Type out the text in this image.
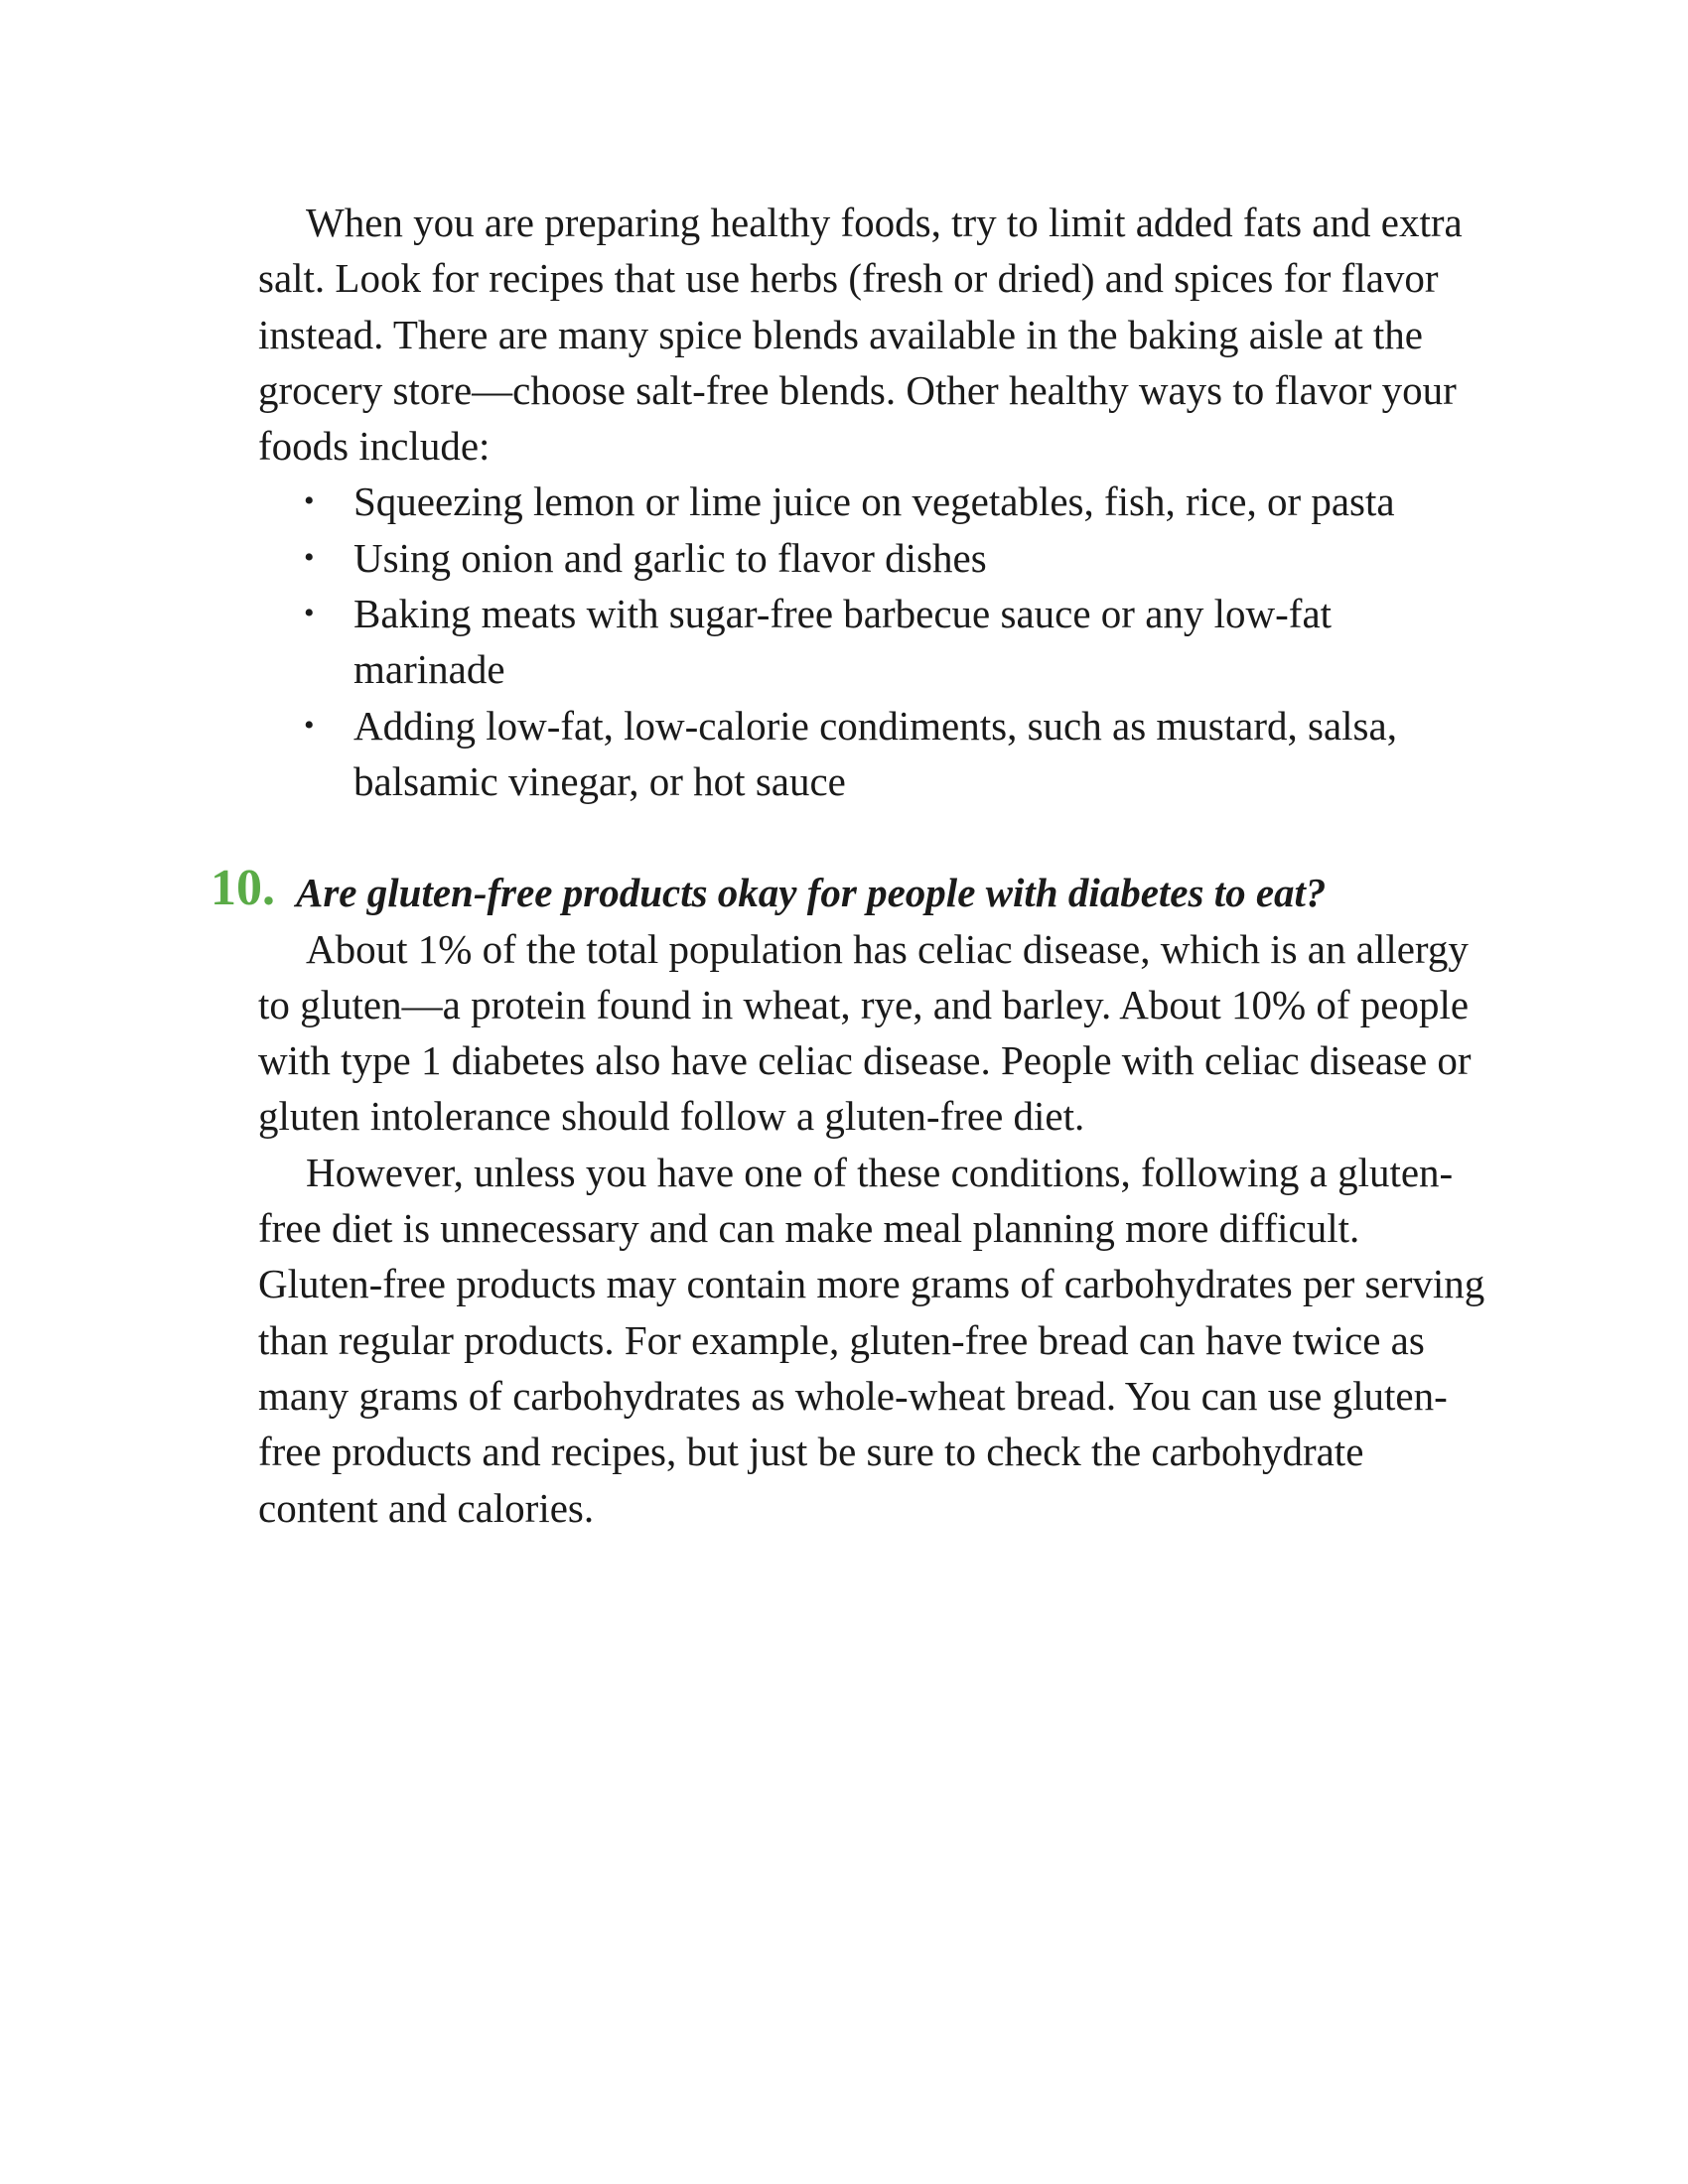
When you are preparing healthy foods, try to limit added fats and extra salt. Look for recipes that use herbs (fresh or dried) and spices for flavor instead. There are many spice blends available in the baking aisle at the grocery store—choose salt-free blends. Other healthy ways to flavor your foods include:

• Squeezing lemon or lime juice on vegetables, fish, rice, or pasta
• Using onion and garlic to flavor dishes
• Baking meats with sugar-free barbecue sauce or any low-fat marinade
• Adding low-fat, low-calorie condiments, such as mustard, salsa, balsamic vinegar, or hot sauce
10. Are gluten-free products okay for people with diabetes to eat?

About 1% of the total population has celiac disease, which is an allergy to gluten—a protein found in wheat, rye, and barley. About 10% of people with type 1 diabetes also have celiac disease. People with celiac disease or gluten intolerance should follow a gluten-free diet.

However, unless you have one of these conditions, following a gluten-free diet is unnecessary and can make meal planning more difficult. Gluten-free products may contain more grams of carbohydrates per serving than regular products. For example, gluten-free bread can have twice as many grams of carbohydrates as whole-wheat bread. You can use gluten-free products and recipes, but just be sure to check the carbohydrate content and calories.
